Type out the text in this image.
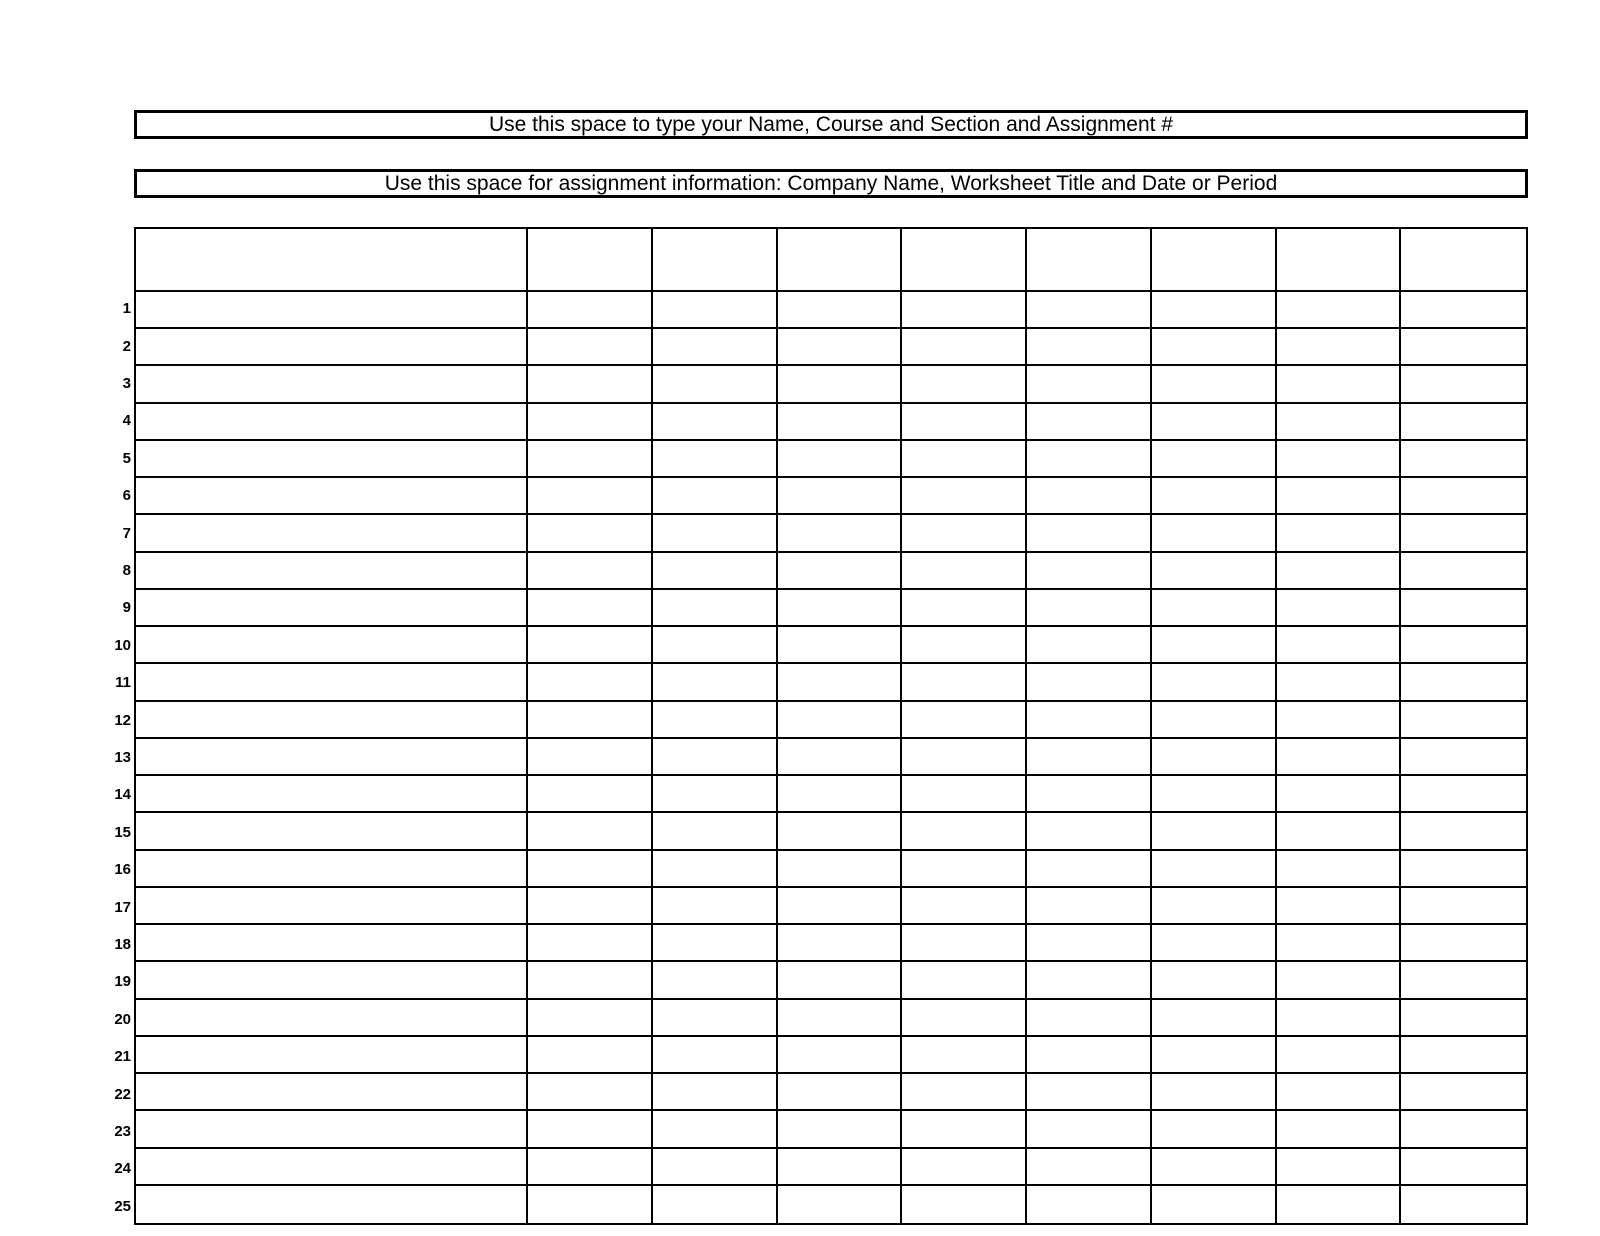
Use this space to type your Name, Course and Section and Assignment #
Use this space for assignment information: Company Name, Worksheet Title and Date or Period
1
2
3
4
5
6
7
8
9
10
11
12
13
14
15
16
17
18
19
20
21
22
23
24
25
